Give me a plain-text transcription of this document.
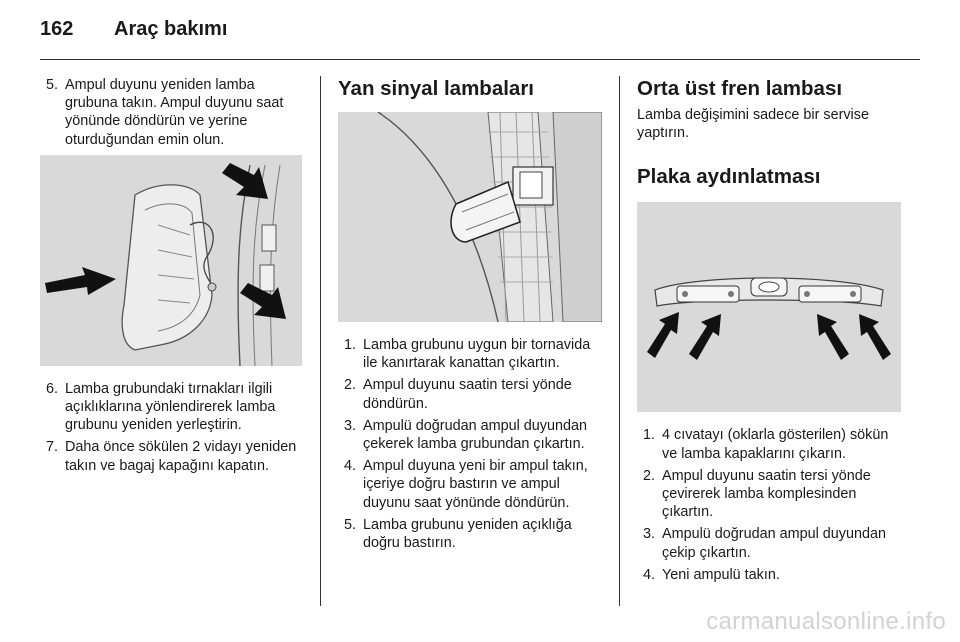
162 Araç bakımı
5. Ampul duyunu yeniden lamba grubuna takın. Ampul duyunu saat yönünde döndürün ve yerine oturduğundan emin olun.
6. Lamba grubundaki tırnakları ilgili açıklıklarına yönlendirerek lamba grubunu yeniden yerleştirin.
7. Daha önce sökülen 2 vidayı yeniden takın ve bagaj kapağını kapatın.
Yan sinyal lambaları
1. Lamba grubunu uygun bir tornavida ile kanırtarak kanattan çıkartın.
2. Ampul duyunu saatin tersi yönde döndürün.
3. Ampulü doğrudan ampul duyundan çekerek lamba grubundan çıkartın.
4. Ampul duyuna yeni bir ampul takın, içeriye doğru bastırın ve ampul duyunu saat yönünde döndürün.
5. Lamba grubunu yeniden açıklığa doğru bastırın.
Orta üst fren lambası

Lamba değişimini sadece bir servise yaptırın.

Plaka aydınlatması
1. 4 cıvatayı (oklarla gösterilen) sökün ve lamba kapaklarını çıkarın.
2. Ampul duyunu saatin tersi yönde çevirerek lamba komplesinden çıkartın.
3. Ampulü doğrudan ampul duyundan çekip çıkartın.
4. Yeni ampulü takın.
carmanualsonline.info
